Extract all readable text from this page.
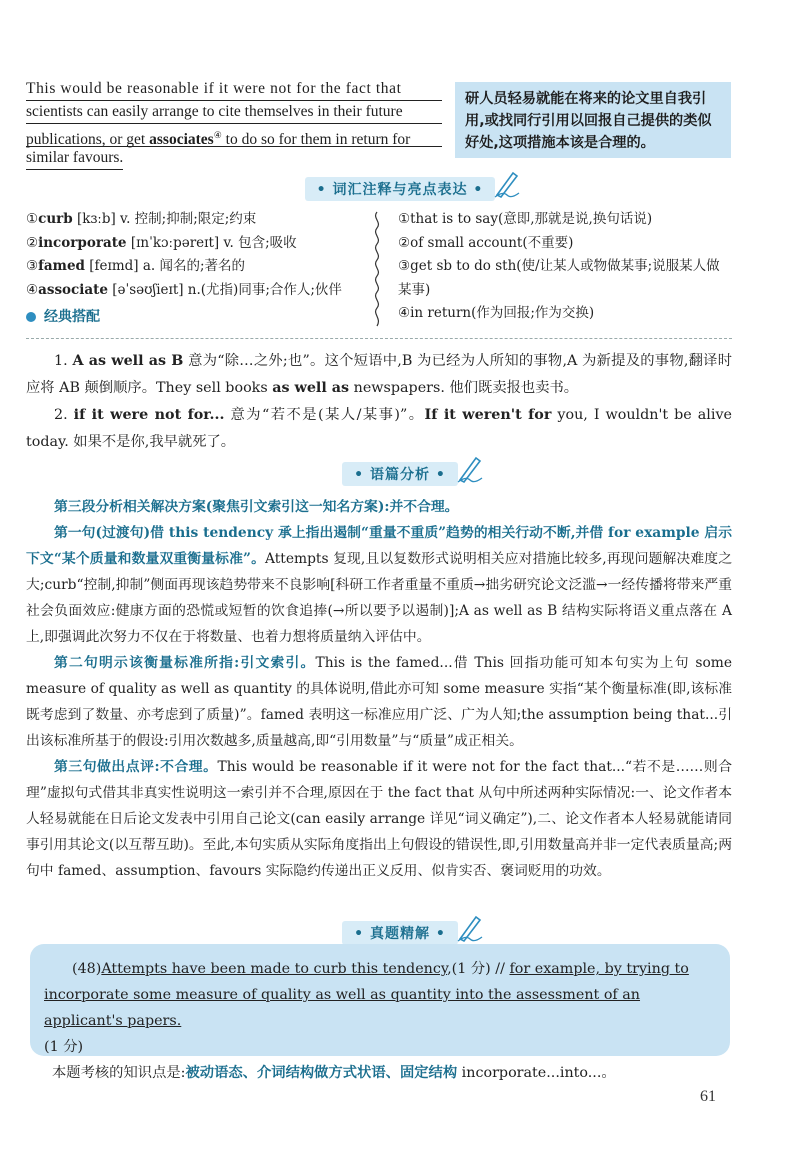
This would be reasonable if it were not for the fact that
scientists can easily arrange to cite themselves in their future
publications, or get associates④ to do so for them in return for
similar favours.
研人员轻易就能在将来的论文里自我引用,或找同行引用以回报自己提供的类似好处,这项措施本该是合理的。
• 词汇注释与亮点表达 •
①curb [kɜːb] v. 控制;抑制;限定;约束
②incorporate [ɪnˈkɔːpəreɪt] v. 包含;吸收
③famed [feɪmd] a. 闻名的;著名的
④associate [əˈsəʊʃieɪt] n.(尤指)同事;合作人;伙伴
①that is to say(意即,那就是说,换句话说)
②of small account(不重要)
③get sb to do sth(使/让某人或物做某事;说服某人做
某事)
④in return(作为回报;作为交换)
经典搭配

1. A as well as B 意为“除…之外;也”。这个短语中,B 为已经为人所知的事物,A 为新提及的事物,翻译时应将 AB 颠倒顺序。They sell books as well as newspapers. 他们既卖报也卖书。

2. if it were not for... 意为“若不是(某人/某事)”。If it weren't for you, I wouldn't be alive today. 如果不是你,我早就死了。

• 语篇分析 •

第三段分析相关解决方案(聚焦引文索引这一知名方案):并不合理。

第一句(过渡句)借 this tendency 承上指出遏制“重量不重质”趋势的相关行动不断,并借 for example 启示下文“某个质量和数量双重衡量标准”。Attempts 复现,且以复数形式说明相关应对措施比较多,再现问题解决难度之大;curb“控制,抑制”侧面再现该趋势带来不良影响[科研工作者重量不重质→拙劣研究论文泛滥→一经传播将带来严重社会负面效应:健康方面的恐慌或短暂的饮食追捧(→所以要予以遏制)];A as well as B 结构实际将语义重点落在 A 上,即强调此次努力不仅在于将数量、也着力想将质量纳入评估中。

第二句明示该衡量标准所指:引文索引。This is the famed...借 This 回指功能可知本句实为上句 some measure of quality as well as quantity 的具体说明,借此亦可知 some measure 实指“某个衡量标准(即,该标准既考虑到了数量、亦考虑到了质量)”。famed 表明这一标准应用广泛、广为人知;the assumption being that...引出该标准所基于的假设:引用次数越多,质量越高,即“引用数量”与“质量”成正相关。

第三句做出点评:不合理。This would be reasonable if it were not for the fact that...“若不是……则合理”虚拟句式借其非真实性说明这一索引并不合理,原因在于 the fact that 从句中所述两种实际情况:一、论文作者本人轻易就能在日后论文发表中引用自己论文(can easily arrange 详见“词义确定”),二、论文作者本人轻易就能请同事引用其论文(以互帮互助)。至此,本句实质从实际角度指出上句假设的错误性,即,引用数量高并非一定代表质量高;两句中 famed、assumption、favours 实际隐约传递出正义反用、似肯实否、褒词贬用的功效。

• 真题精解 •
(48)Attempts have been made to curb this tendency,(1 分) // for example, by trying to incorporate some measure of quality as well as quantity into the assessment of an applicant's papers.
(1 分)
本题考核的知识点是:被动语态、介词结构做方式状语、固定结构 incorporate...into...。
61
